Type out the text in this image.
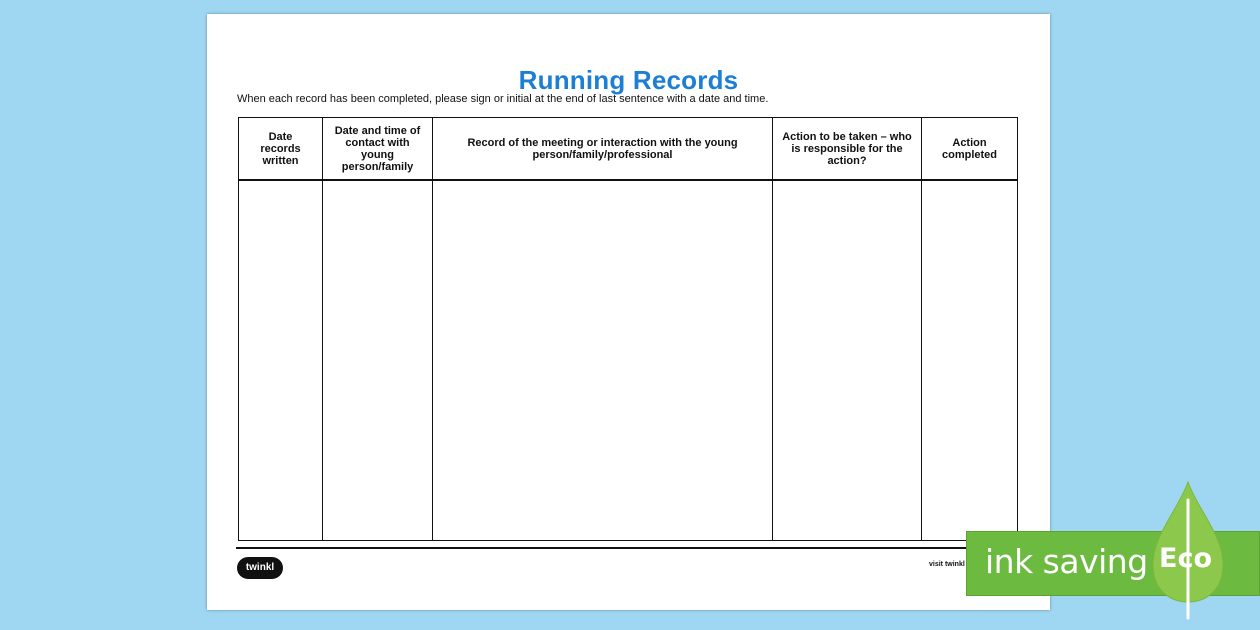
Running Records
When each record has been completed, please sign or initial at the end of last sentence with a date and time.
Date records written	Date and time of contact with young person/family	Record of the meeting or interaction with the young person/family/professional	Action to be taken – who is responsible for the action?	Action completed

twinkl	visit twinkl ink saving Eco
